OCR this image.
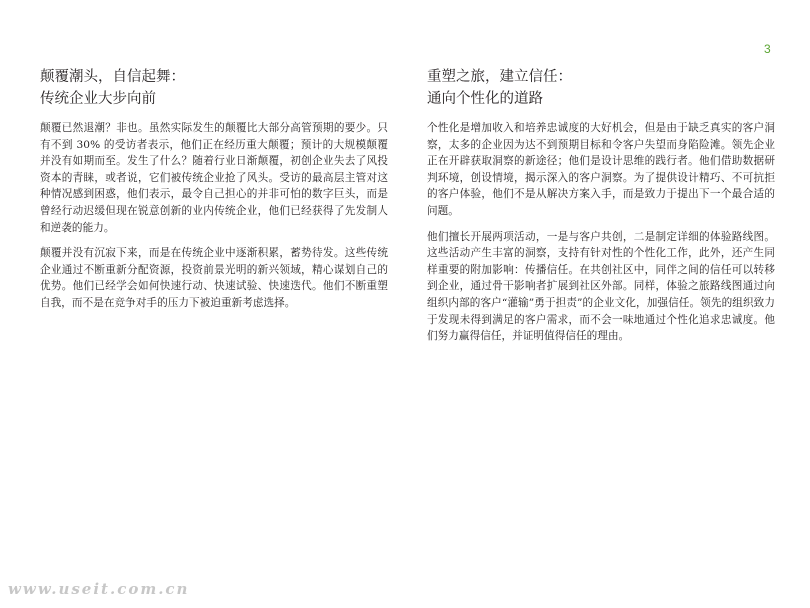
3
颠覆潮头，自信起舞：
传统企业大步向前

颠覆已然退潮？非也。虽然实际发生的颠覆比大部分高管预期的要少。只有不到 30% 的受访者表示，他们正在经历重大颠覆；预计的大规模颠覆并没有如期而至。发生了什么？随着行业日渐颠覆，初创企业失去了风投资本的青睐，或者说，它们被传统企业抢了风头。受访的最高层主管对这种情况感到困惑，他们表示，最令自己担心的并非可怕的数字巨头，而是曾经行动迟缓但现在锐意创新的业内传统企业，他们已经获得了先发制人和逆袭的能力。

颠覆并没有沉寂下来，而是在传统企业中逐渐积累，蓄势待发。这些传统企业通过不断重新分配资源，投资前景光明的新兴领域，精心谋划自己的优势。他们已经学会如何快速行动、快速试验、快速迭代。他们不断重塑自我，而不是在竞争对手的压力下被迫重新考虑选择。

重塑之旅，建立信任：
通向个性化的道路

个性化是增加收入和培养忠诚度的大好机会，但是由于缺乏真实的客户洞察，太多的企业因为达不到预期目标和令客户失望而身陷险滩。领先企业正在开辟获取洞察的新途径；他们是设计思维的践行者。他们借助数据研判环境，创设情境，揭示深入的客户洞察。为了提供设计精巧、不可抗拒的客户体验，他们不是从解决方案入手，而是致力于提出下一个最合适的问题。

他们擅长开展两项活动，一是与客户共创，二是制定详细的体验路线图。这些活动产生丰富的洞察，支持有针对性的个性化工作，此外，还产生同样重要的附加影响：传播信任。在共创社区中，同伴之间的信任可以转移到企业，通过骨干影响者扩展到社区外部。同样，体验之旅路线图通过向组织内部的客户“灌输”勇于担责”的企业文化，加强信任。领先的组织致力于发现未得到满足的客户需求，而不会一味地通过个性化追求忠诚度。他们努力赢得信任，并证明值得信任的理由。

www.useit.com.cn
